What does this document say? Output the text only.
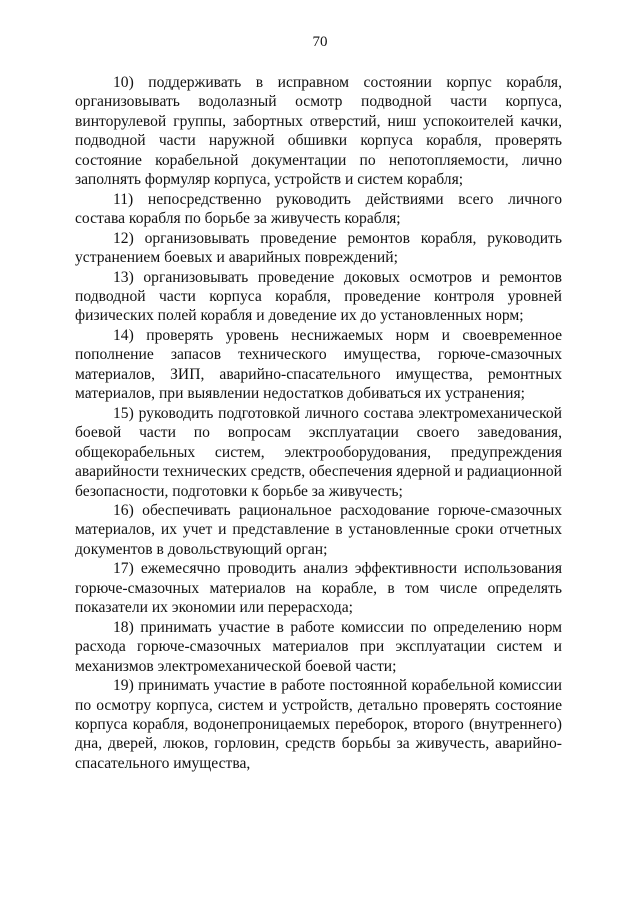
70

10) поддерживать в исправном состоянии корпус корабля, организовывать водолазный осмотр подводной части корпуса, винторулевой группы, забортных отверстий, ниш успокоителей качки, подводной части наружной обшивки корпуса корабля, проверять состояние корабельной документации по непотопляемости, лично заполнять формуляр корпуса, устройств и систем корабля;

11) непосредственно руководить действиями всего личного состава корабля по борьбе за живучесть корабля;

12) организовывать проведение ремонтов корабля, руководить устранением боевых и аварийных повреждений;

13) организовывать проведение доковых осмотров и ремонтов подводной части корпуса корабля, проведение контроля уровней физических полей корабля и доведение их до установленных норм;

14) проверять уровень неснижаемых норм и своевременное пополнение запасов технического имущества, горюче-смазочных материалов, ЗИП, аварийно-спасательного имущества, ремонтных материалов, при выявлении недостатков добиваться их устранения;

15) руководить подготовкой личного состава электромеханической боевой части по вопросам эксплуатации своего заведования, общекорабельных систем, электрооборудования, предупреждения аварийности технических средств, обеспечения ядерной и радиационной безопасности, подготовки к борьбе за живучесть;

16) обеспечивать рациональное расходование горюче-смазочных материалов, их учет и представление в установленные сроки отчетных документов в довольствующий орган;

17) ежемесячно проводить анализ эффективности использования горюче-смазочных материалов на корабле, в том числе определять показатели их экономии или перерасхода;

18) принимать участие в работе комиссии по определению норм расхода горюче-смазочных материалов при эксплуатации систем и механизмов электромеханической боевой части;

19) принимать участие в работе постоянной корабельной комиссии по осмотру корпуса, систем и устройств, детально проверять состояние корпуса корабля, водонепроницаемых переборок, второго (внутреннего) дна, дверей, люков, горловин, средств борьбы за живучесть, аварийно-спасательного имущества,
